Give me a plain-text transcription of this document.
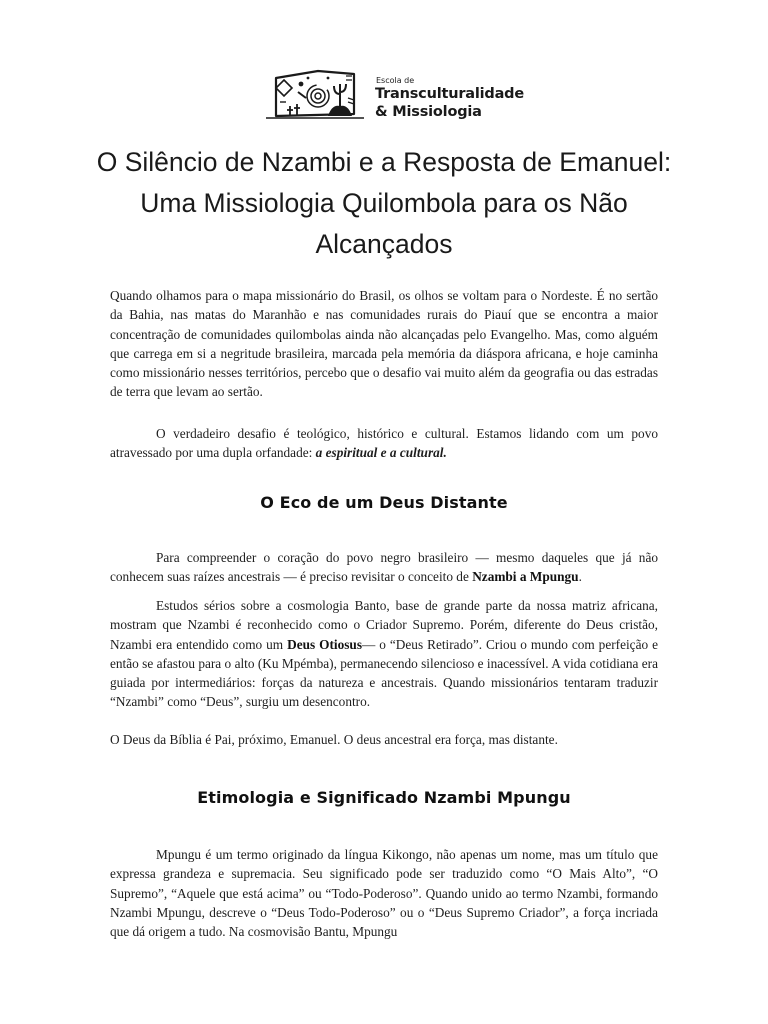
Escola de
Transculturalidade
& Missiologia
O Silêncio de Nzambi e a Resposta de Emanuel: Uma Missiologia Quilombola para os Não Alcançados

Quando olhamos para o mapa missionário do Brasil, os olhos se voltam para o Nordeste. É no sertão da Bahia, nas matas do Maranhão e nas comunidades rurais do Piauí que se encontra a maior concentração de comunidades quilombolas ainda não alcançadas pelo Evangelho. Mas, como alguém que carrega em si a negritude brasileira, marcada pela memória da diáspora africana, e hoje caminha como missionário nesses territórios, percebo que o desafio vai muito além da geografia ou das estradas de terra que levam ao sertão.

O verdadeiro desafio é teológico, histórico e cultural. Estamos lidando com um povo atravessado por uma dupla orfandade: a espiritual e a cultural.

O Eco de um Deus Distante

Para compreender o coração do povo negro brasileiro — mesmo daqueles que já não conhecem suas raízes ancestrais — é preciso revisitar o conceito de Nzambi a Mpungu.

Estudos sérios sobre a cosmologia Banto, base de grande parte da nossa matriz africana, mostram que Nzambi é reconhecido como o Criador Supremo. Porém, diferente do Deus cristão, Nzambi era entendido como um Deus Otiosus— o “Deus Retirado”. Criou o mundo com perfeição e então se afastou para o alto (Ku Mpémba), permanecendo silencioso e inacessível. A vida cotidiana era guiada por intermediários: forças da natureza e ancestrais. Quando missionários tentaram traduzir “Nzambi” como “Deus”, surgiu um desencontro.

O Deus da Bíblia é Pai, próximo, Emanuel. O deus ancestral era força, mas distante.

Etimologia e Significado Nzambi Mpungu

Mpungu é um termo originado da língua Kikongo, não apenas um nome, mas um título que expressa grandeza e supremacia. Seu significado pode ser traduzido como “O Mais Alto”, “O Supremo”, “Aquele que está acima” ou “Todo-Poderoso”. Quando unido ao termo Nzambi, formando Nzambi Mpungu, descreve o “Deus Todo-Poderoso” ou o “Deus Supremo Criador”, a força incriada que dá origem a tudo. Na cosmovisão Bantu, Mpungu
